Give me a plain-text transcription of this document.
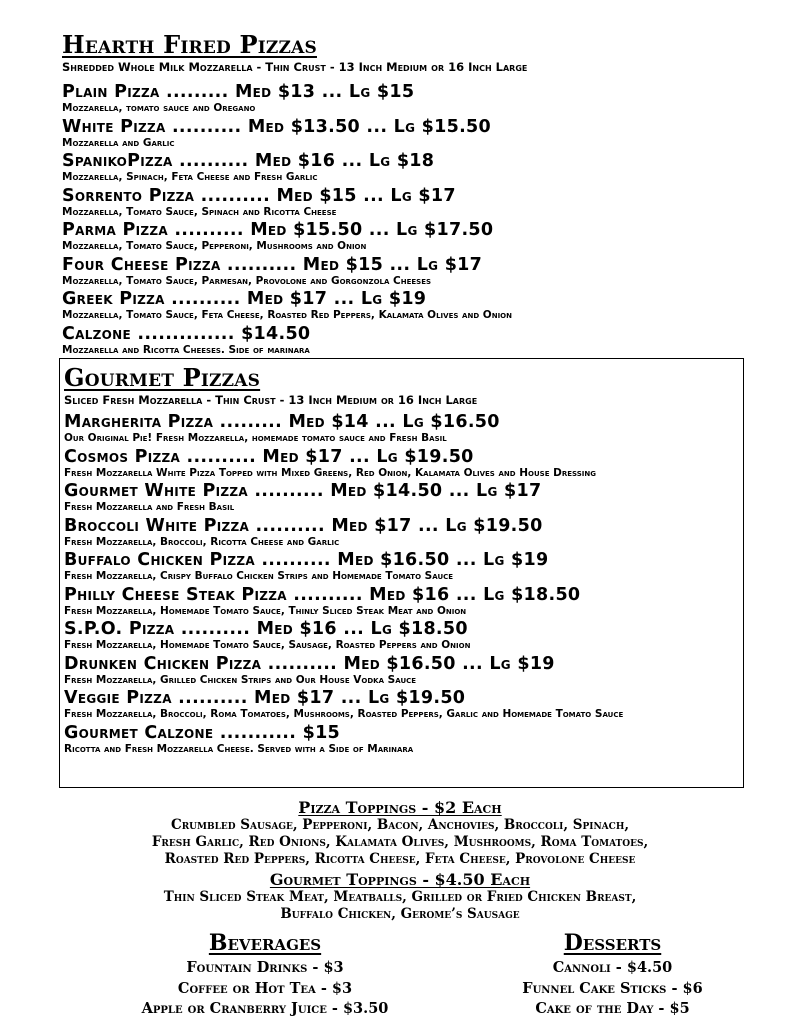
Hearth Fired Pizzas
Shredded Whole Milk Mozzarella - Thin Crust - 13 Inch Medium or 16 Inch Large
Plain Pizza ......... Med $13 ... Lg $15
Mozzarella, tomato sauce and Oregano
White Pizza .......... Med $13.50 ... Lg $15.50
Mozzarella and Garlic
SpanikoPizza .......... Med $16 ... Lg $18
Mozzarella, Spinach, Feta Cheese and Fresh Garlic
Sorrento Pizza .......... Med $15 ... Lg $17
Mozzarella, Tomato Sauce, Spinach and Ricotta Cheese
Parma Pizza .......... Med $15.50 ... Lg $17.50
Mozzarella, Tomato Sauce, Pepperoni, Mushrooms and Onion
Four Cheese Pizza .......... Med $15 ... Lg $17
Mozzarella, Tomato Sauce, Parmesan, Provolone and Gorgonzola Cheeses
Greek Pizza .......... Med $17 ... Lg $19
Mozzarella, Tomato Sauce, Feta Cheese, Roasted Red Peppers, Kalamata Olives and Onion
Calzone .............. $14.50
Mozzarella and Ricotta Cheeses. Side of marinara
Gourmet Pizzas
Sliced Fresh Mozzarella - Thin Crust - 13 Inch Medium or 16 Inch Large
Margherita Pizza ......... Med $14 ... Lg $16.50
Our Original Pie! Fresh Mozzarella, homemade tomato sauce and Fresh Basil
Cosmos Pizza .......... Med $17 ... Lg $19.50
Fresh Mozzarella White Pizza Topped with Mixed Greens, Red Onion, Kalamata Olives and House Dressing
Gourmet White Pizza .......... Med $14.50 ... Lg $17
Fresh Mozzarella and Fresh Basil
Broccoli White Pizza .......... Med $17 ... Lg $19.50
Fresh Mozzarella, Broccoli, Ricotta Cheese and Garlic
Buffalo Chicken Pizza .......... Med $16.50 ... Lg $19
Fresh Mozzarella, Crispy Buffalo Chicken Strips and Homemade Tomato Sauce
Philly Cheese Steak Pizza .......... Med $16 ... Lg $18.50
Fresh Mozzarella, Homemade Tomato Sauce, Thinly Sliced Steak Meat and Onion
S.P.O. Pizza .......... Med $16 ... Lg $18.50
Fresh Mozzarella, Homemade Tomato Sauce, Sausage, Roasted Peppers and Onion
Drunken Chicken Pizza .......... Med $16.50 ... Lg $19
Fresh Mozzarella, Grilled Chicken Strips and Our House Vodka Sauce
Veggie Pizza .......... Med $17 ... Lg $19.50
Fresh Mozzarella, Broccoli, Roma Tomatoes, Mushrooms, Roasted Peppers, Garlic and Homemade Tomato Sauce
Gourmet Calzone ........... $15
Ricotta and Fresh Mozzarella Cheese. Served with a Side of Marinara
Pizza Toppings - $2 Each
Crumbled Sausage, Pepperoni, Bacon, Anchovies, Broccoli, Spinach,
Fresh Garlic, Red Onions, Kalamata Olives, Mushrooms, Roma Tomatoes,
Roasted Red Peppers, Ricotta Cheese, Feta Cheese, Provolone Cheese
Gourmet Toppings - $4.50 Each
Thin Sliced Steak Meat, Meatballs, Grilled or Fried Chicken Breast,
Buffalo Chicken, Gerome’s Sausage
Beverages
Fountain Drinks - $3
Coffee or Hot Tea - $3
Apple or Cranberry Juice - $3.50
Desserts
Cannoli - $4.50
Funnel Cake Sticks - $6
Cake of the Day - $5
